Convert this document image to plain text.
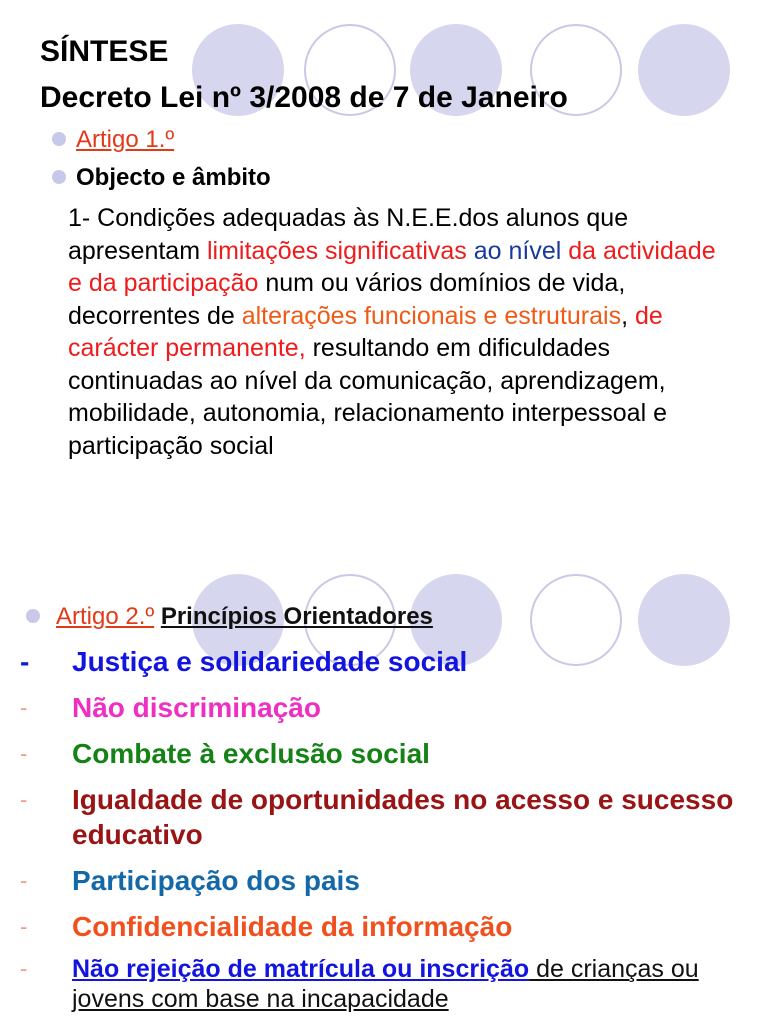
SÍNTESE
Decreto Lei nº 3/2008 de 7 de Janeiro
Artigo 1.º
Objecto e âmbito
1- Condições adequadas às N.E.E.dos alunos que apresentam limitações significativas ao nível da actividade e da participação num ou vários domínios de vida, decorrentes de alterações funcionais e estruturais, de carácter permanente, resultando em dificuldades continuadas ao nível da comunicação, aprendizagem, mobilidade, autonomia, relacionamento interpessoal e participação social
Artigo 2.º Princípios Orientadores
-	Justiça e solidariedade social
-	Não discriminação
-	Combate à exclusão social
-	Igualdade de oportunidades no acesso e sucesso educativo
-	Participação dos pais
-	Confidencialidade da informação
-	Não rejeição de matrícula ou inscrição de crianças ou jovens com base na incapacidade
